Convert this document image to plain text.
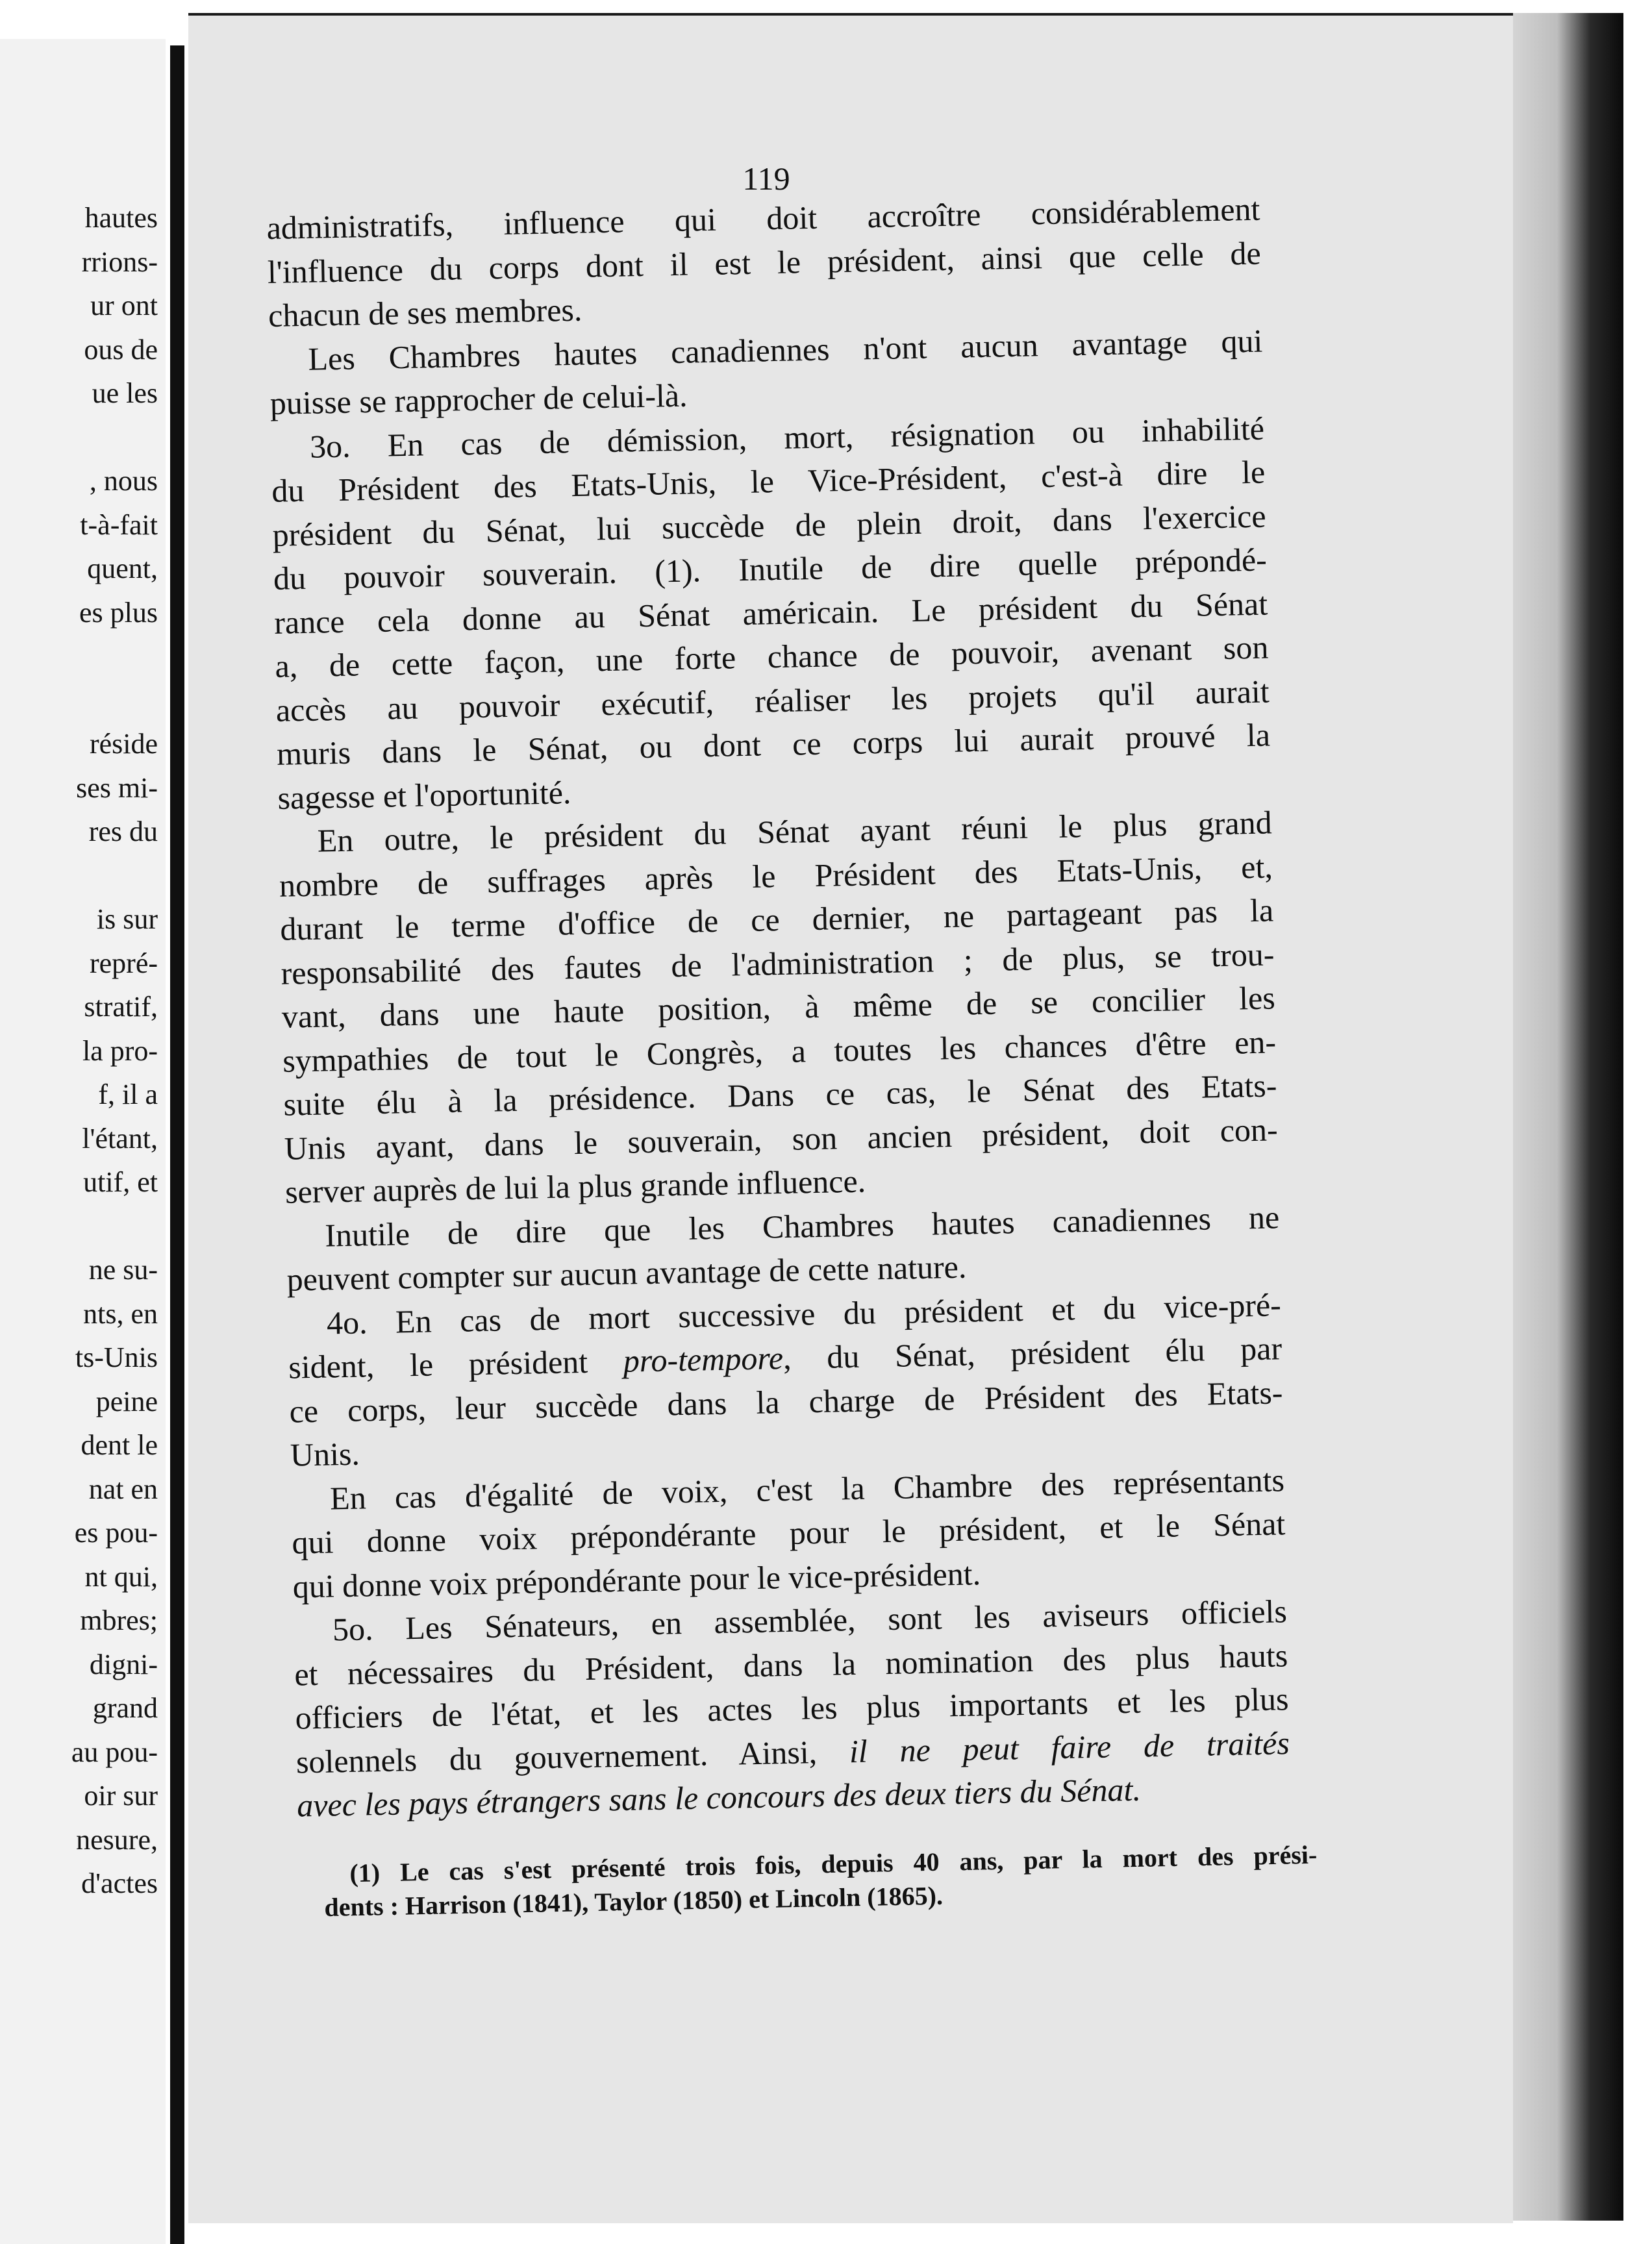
hautes
rrions-
ur ont
ous de
ue les
, nous
t-à-fait
quent,
es plus
réside
ses mi-
res du
is sur
repré-
stratif,
la pro-
f, il a
l'étant,
utif, et
ne su-
nts, en
ts-Unis
peine
dent le
nat en
es pou-
nt qui,
mbres;
digni-
grand
au pou-
oir sur
nesure,
d'actes
119
administratifs, influence qui doit accroître considérablement
l'influence du corps dont il est le président, ainsi que celle de
chacun de ses membres.
Les Chambres hautes canadiennes n'ont aucun avantage qui
puisse se rapprocher de celui-là.
3o. En cas de démission, mort, résignation ou inhabilité
du Président des Etats-Unis, le Vice-Président, c'est-à dire le
président du Sénat, lui succède de plein droit, dans l'exercice
du pouvoir souverain. (1). Inutile de dire quelle prépondé-
rance cela donne au Sénat américain. Le président du Sénat
a, de cette façon, une forte chance de pouvoir, avenant son
accès au pouvoir exécutif, réaliser les projets qu'il aurait
muris dans le Sénat, ou dont ce corps lui aurait prouvé la
sagesse et l'oportunité.
En outre, le président du Sénat ayant réuni le plus grand
nombre de suffrages après le Président des Etats-Unis, et,
durant le terme d'office de ce dernier, ne partageant pas la
responsabilité des fautes de l'administration ; de plus, se trou-
vant, dans une haute position, à même de se concilier les
sympathies de tout le Congrès, a toutes les chances d'être en-
suite élu à la présidence. Dans ce cas, le Sénat des Etats-
Unis ayant, dans le souverain, son ancien président, doit con-
server auprès de lui la plus grande influence.
Inutile de dire que les Chambres hautes canadiennes ne
peuvent compter sur aucun avantage de cette nature.
4o. En cas de mort successive du président et du vice-pré-
sident, le président pro-tempore, du Sénat, président élu par
ce corps, leur succède dans la charge de Président des Etats-
Unis.
En cas d'égalité de voix, c'est la Chambre des représentants
qui donne voix prépondérante pour le président, et le Sénat
qui donne voix prépondérante pour le vice-président.
5o. Les Sénateurs, en assemblée, sont les aviseurs officiels
et nécessaires du Président, dans la nomination des plus hauts
officiers de l'état, et les actes les plus importants et les plus
solennels du gouvernement. Ainsi, il ne peut faire de traités
avec les pays étrangers sans le concours des deux tiers du Sénat.
(1) Le cas s'est présenté trois fois, depuis 40 ans, par la mort des prési-
dents : Harrison (1841), Taylor (1850) et Lincoln (1865).
